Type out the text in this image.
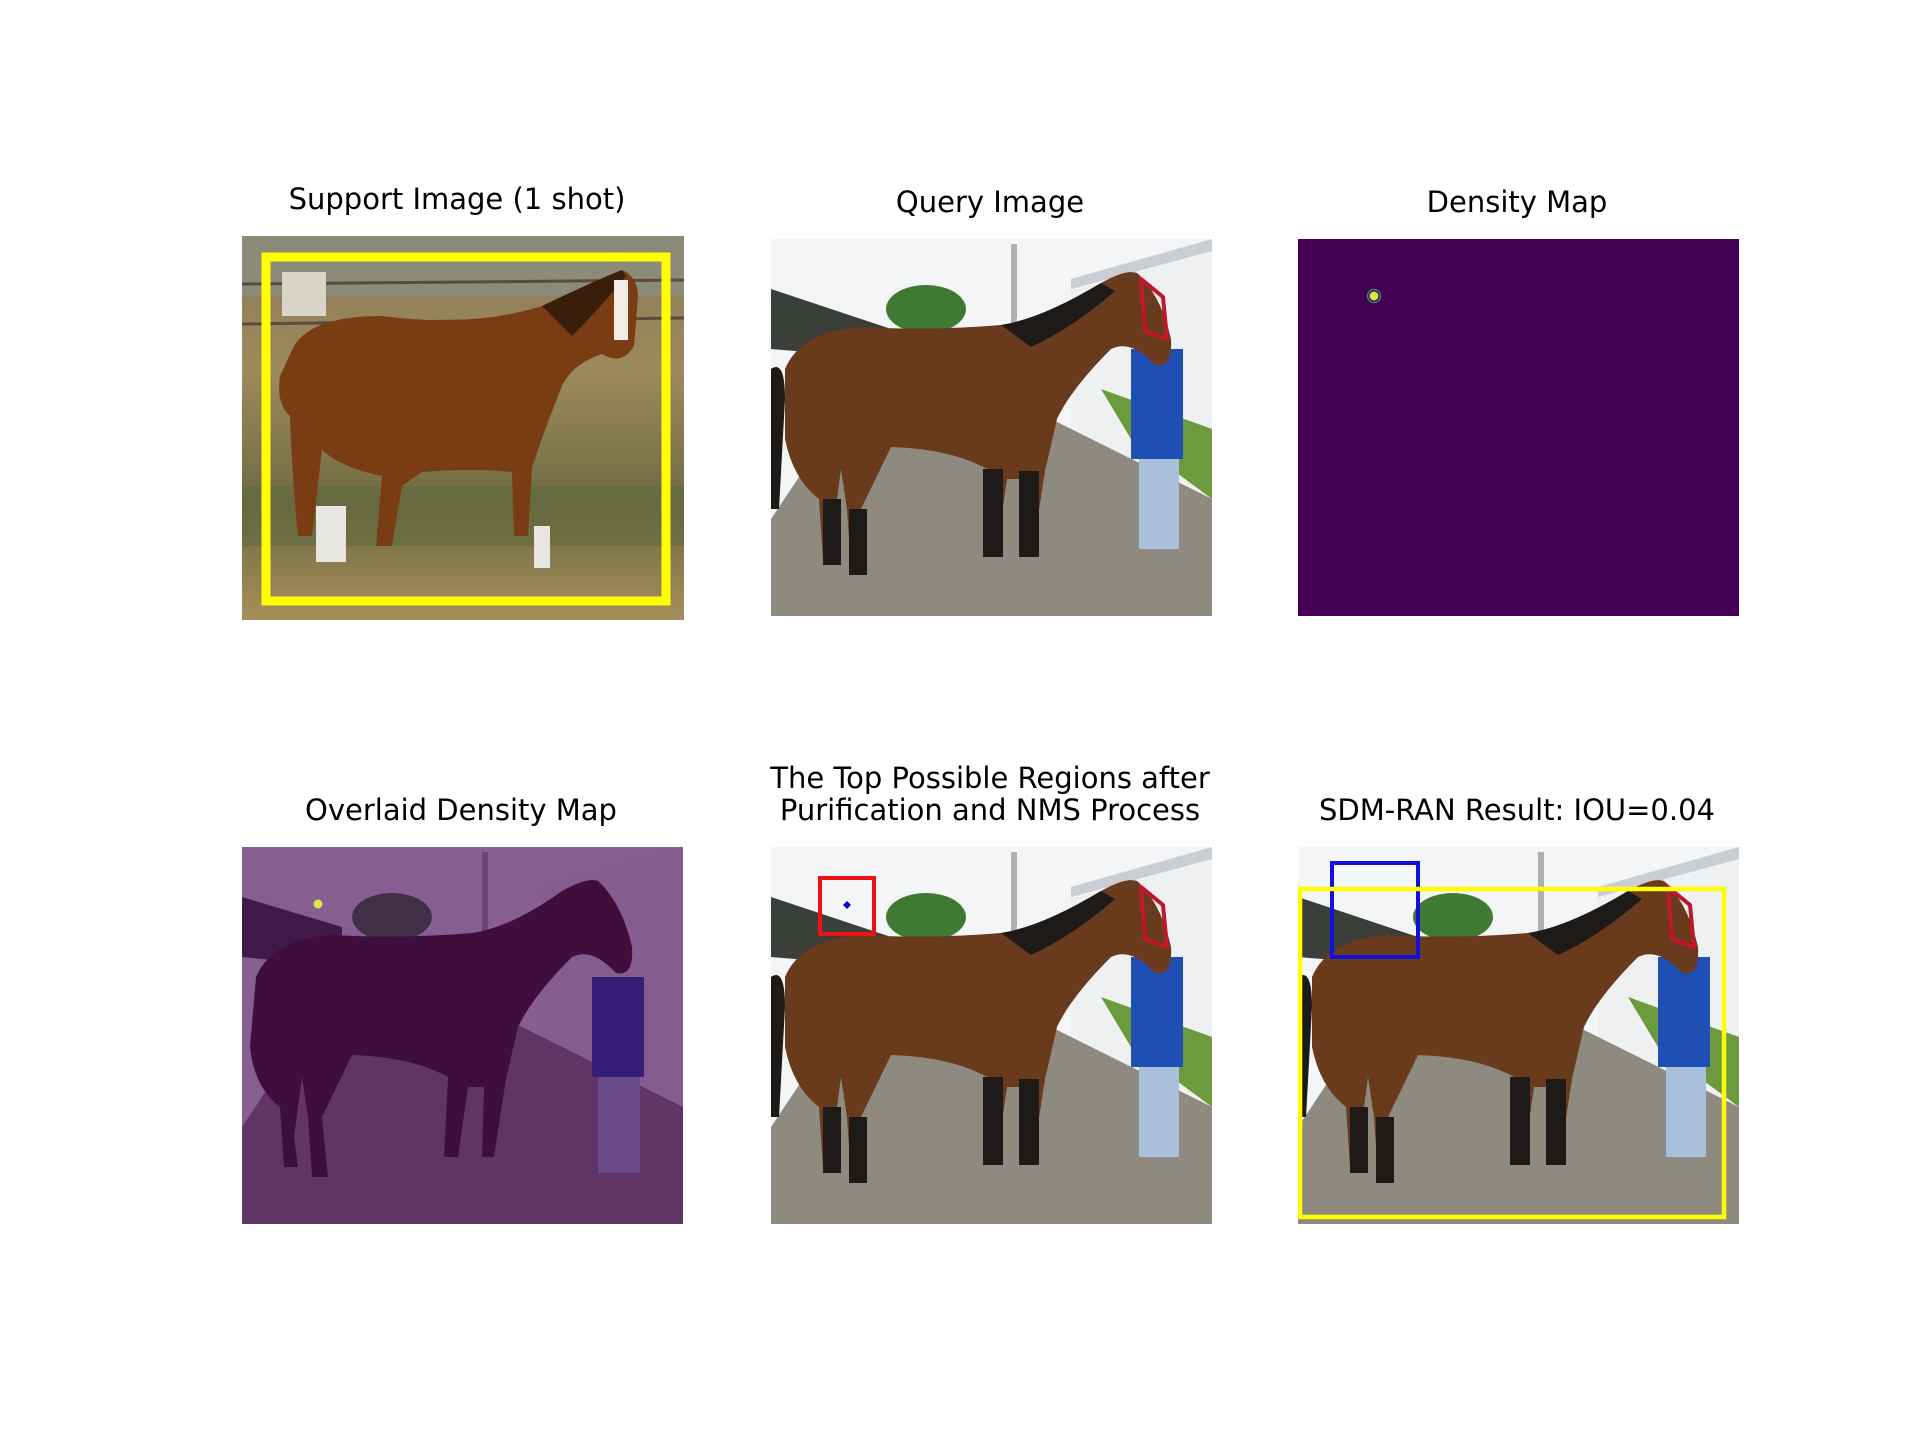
Support Image (1 shot)	Query Image	Density Map
Overlaid Density Map
The Top Possible Regions after
Purification and NMS Process	SDM-RAN Result: IOU=0.04
